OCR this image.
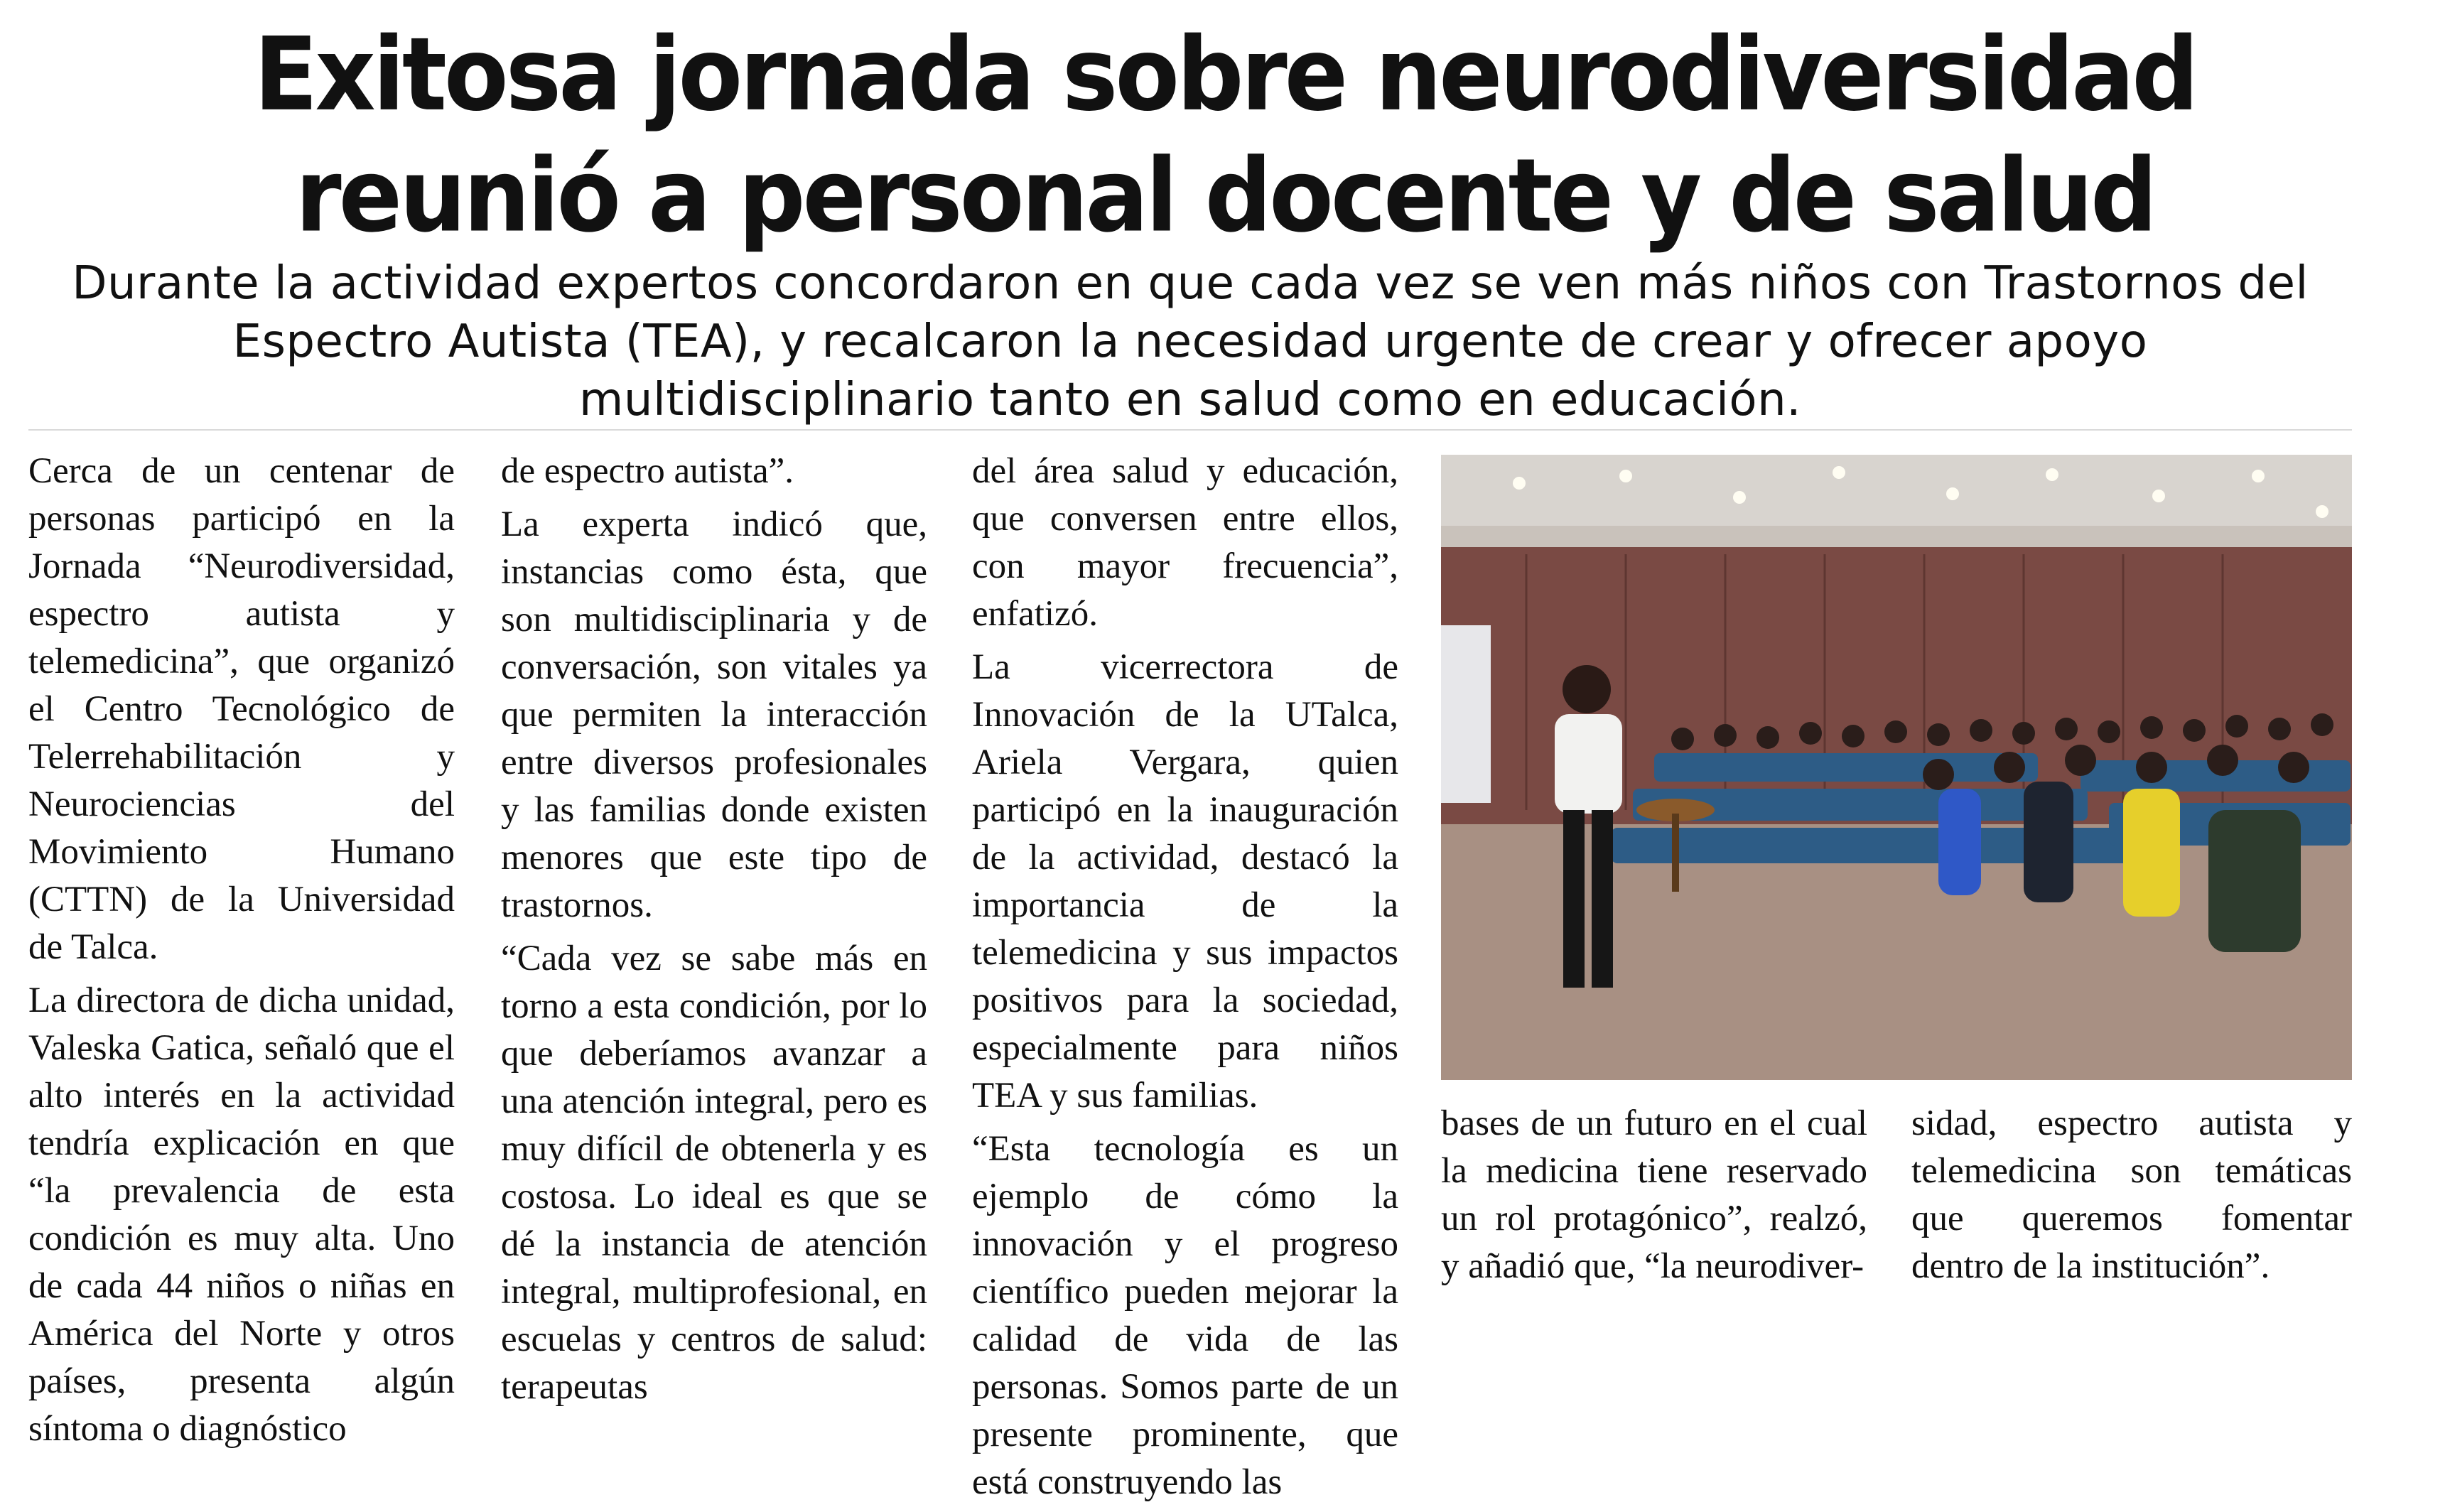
Exitosa jornada sobre neurodiversidad
reunió a personal docente y de salud
Durante la actividad expertos concordaron en que cada vez se ven más niños con Trastornos del Espectro Autista (TEA), y recalcaron la necesidad urgente de crear y ofrecer apoyo multidisciplinario tanto en salud como en educación.

Cerca de un centenar de personas participó en la Jornada “Neurodiversidad, espectro autista y telemedicina”, que organizó el Centro Tecnológico de Telerrehabilitación y Neurociencias del Movimiento Humano (CTTN) de la Universidad de Talca.

La directora de dicha unidad, Valeska Gatica, señaló que el alto interés en la actividad tendría explicación en que “la prevalencia de esta condición es muy alta. Uno de cada 44 niños o niñas en América del Norte y otros países, presenta algún síntoma o diagnóstico

de espectro autista”.

La experta indicó que, instancias como ésta, que son multidisciplinaria y de conversación, son vitales ya que permiten la interacción entre diversos profesionales y las familias donde existen menores que este tipo de trastornos.

“Cada vez se sabe más en torno a esta condición, por lo que deberíamos avanzar a una atención integral, pero es muy difícil de obtenerla y es costosa. Lo ideal es que se dé la instancia de atención integral, multiprofesional, en escuelas y centros de salud: terapeutas

del área salud y educación, que conversen entre ellos, con mayor frecuencia”, enfatizó.

La vicerrectora de Innovación de la UTalca, Ariela Vergara, quien participó en la inauguración de la actividad, destacó la importancia de la telemedicina y sus impactos positivos para la sociedad, especialmente para niños TEA y sus familias.

“Esta tecnología es un ejemplo de cómo la innovación y el progreso científico pueden mejorar la calidad de vida de las personas. Somos parte de un presente prominente, que está construyendo las

bases de un futuro en el cual la medicina tiene reservado un rol protagónico”, realzó, y añadió que, “la neurodiver-

sidad, espectro autista y telemedicina son temáticas que queremos fomentar dentro de la institución”.
